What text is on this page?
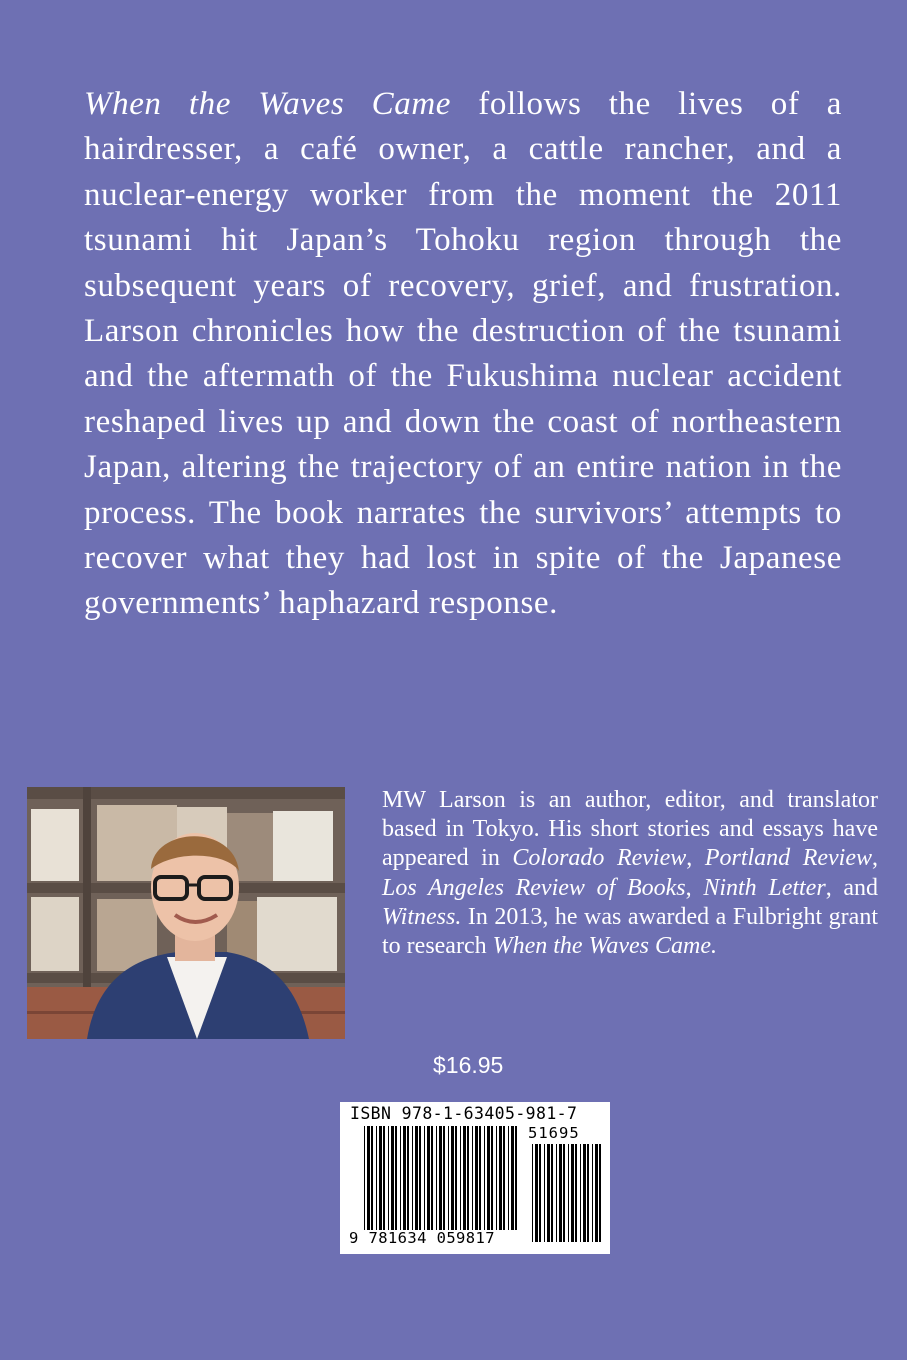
When the Waves Came follows the lives of a hairdresser, a café owner, a cattle rancher, and a nuclear-energy worker from the moment the 2011 tsunami hit Japan’s Tohoku region through the subsequent years of recovery, grief, and frustration. Larson chronicles how the destruction of the tsunami and the aftermath of the Fukushima nuclear accident reshaped lives up and down the coast of northeastern Japan, altering the trajectory of an entire nation in the process. The book narrates the survivors’ attempts to recover what they had lost in spite of the Japanese governments’ haphazard response.

MW Larson is an author, editor, and translator based in Tokyo. His short stories and essays have appeared in Colorado Review, Portland Review, Los Angeles Review of Books, Ninth Letter, and Witness. In 2013, he was awarded a Fulbright grant to research When the Waves Came.

$16.95
ISBN 978-1-63405-981-7
51695
9 781634 059817
